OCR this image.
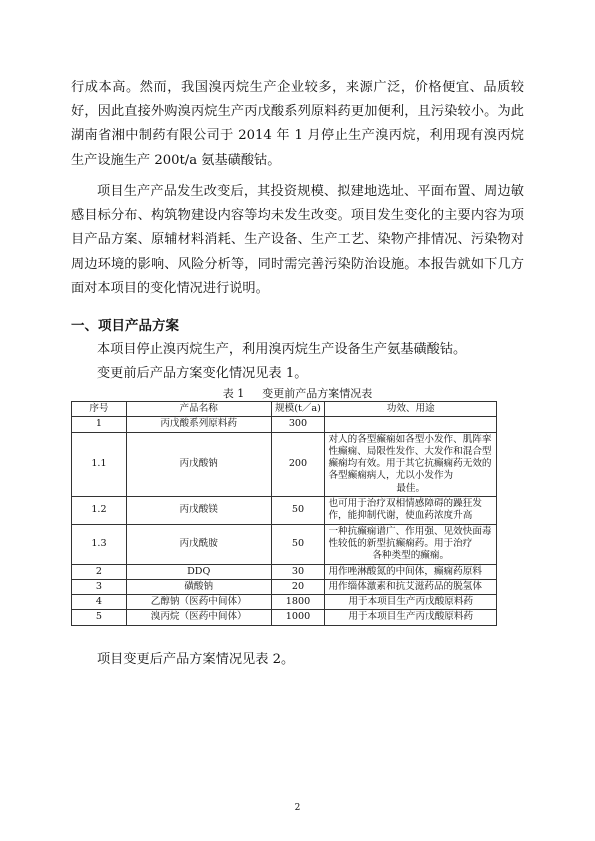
行成本高。然而，我国溴丙烷生产企业较多，来源广泛，价格便宜、品质较好，因此直接外购溴丙烷生产丙戊酸系列原料药更加便利，且污染较小。为此湖南省湘中制药有限公司于 2014 年 1 月停止生产溴丙烷，利用现有溴丙烷生产设施生产 200t/a 氨基磺酸钴。

项目生产产品发生改变后，其投资规模、拟建地选址、平面布置、周边敏感目标分布、构筑物建设内容等均未发生改变。项目发生变化的主要内容为项目产品方案、原辅材料消耗、生产设备、生产工艺、染物产排情况、污染物对周边环境的影响、风险分析等，同时需完善污染防治设施。本报告就如下几方面对本项目的变化情况进行说明。

一、项目产品方案
本项目停止溴丙烷生产，利用溴丙烷生产设备生产氨基磺酸钴。
变更前后产品方案变化情况见表 1。
表 1 变更前产品方案情况表
序号	产品名称	规模(t／a)	功效、用途
1	丙戊酸系列原料药	300	
1.1	丙戊酸钠	200	对人的各型癫痫如各型小发作、肌阵挛性癫痫、局限性发作、大发作和混合型癫痫均有效。用于其它抗癫痫药无效的各型癫痫病人，尤以小发作为
最佳。

1.2	丙戊酸镁	50	也可用于治疗双相情感障碍的躁狂发作，能抑制代谢，使血药浓度升高
1.3	丙戊酰胺	50	一种抗癫痫谱广、作用强、见效快面毒性较低的新型抗癫痫药。用于治疗
各种类型的癫痫。

2	DDQ	30	用作唑淋酸氮的中间体，癫痫药原料
3	磺酸钠	20	用作缁体激素和抗艾滋药品的脱氢体
4	乙醇钠（医药中间体）	1800	用于本项目生产丙戊酸原料药
5	溴丙烷（医药中间体）	1000	用于本项目生产丙戊酸原料药
项目变更后产品方案情况见表 2。
2
